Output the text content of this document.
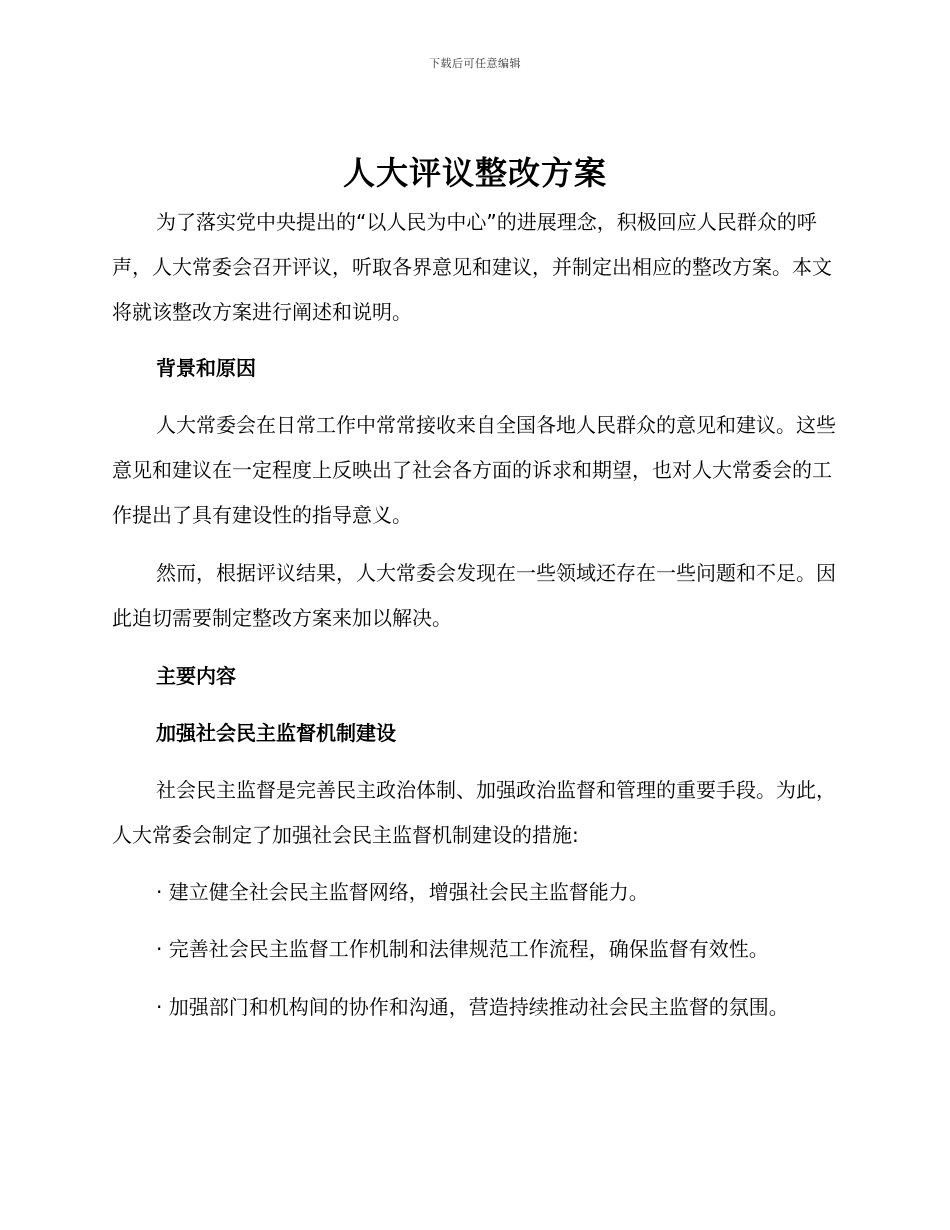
下载后可任意编辑
人大评议整改方案

为了落实党中央提出的“以人民为中心”的进展理念，积极回应人民群众的呼声，人大常委会召开评议，听取各界意见和建议，并制定出相应的整改方案。本文将就该整改方案进行阐述和说明。

背景和原因

人大常委会在日常工作中常常接收来自全国各地人民群众的意见和建议。这些意见和建议在一定程度上反映出了社会各方面的诉求和期望，也对人大常委会的工作提出了具有建设性的指导意义。

然而，根据评议结果，人大常委会发现在一些领域还存在一些问题和不足。因此迫切需要制定整改方案来加以解决。

主要内容

加强社会民主监督机制建设

社会民主监督是完善民主政治体制、加强政治监督和管理的重要手段。为此，人大常委会制定了加强社会民主监督机制建设的措施:

· 建立健全社会民主监督网络，增强社会民主监督能力。

· 完善社会民主监督工作机制和法律规范工作流程，确保监督有效性。

· 加强部门和机构间的协作和沟通，营造持续推动社会民主监督的氛围。
